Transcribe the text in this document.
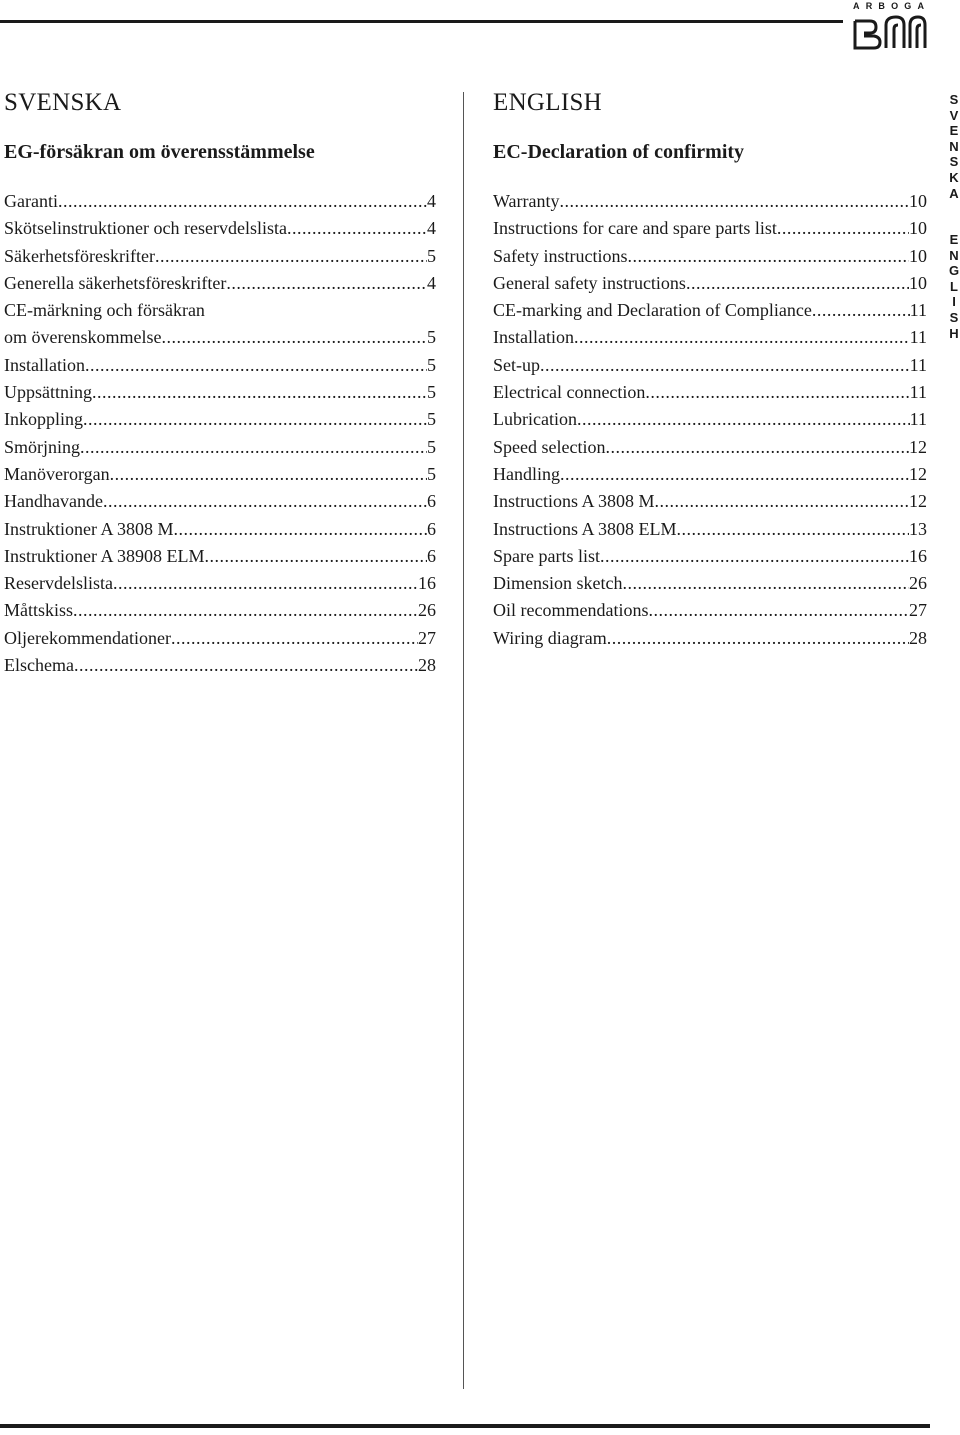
ARBOGA
SVENSKA
EG-försäkran om överensstämmelse
Garanti .....	4
Skötselinstruktioner och reservdelslista .....	4
Säkerhetsföreskrifter .....	5
Generella säkerhetsföreskrifter .....	4
CE-märkning och försäkran
om överenskommelse .....	5
Installation .....	5
Uppsättning .....	5
Inkoppling .....	5
Smörjning .....	5
Manöverorgan .....	5
Handhavande .....	6
Instruktioner A 3808 M .....	6
Instruktioner A 38908 ELM .....	6
Reservdelslista .....	16
Måttskiss .....	26
Oljerekommendationer .....	27
Elschema .....	28
ENGLISH
EC-Declaration of confirmity
Warranty .....	10
Instructions for care and spare parts list .....	10
Safety instructions .....	10
General safety instructions .....	10
CE-marking and Declaration of Compliance .....	11
Installation .....	11
Set-up .....	11
Electrical connection .....	11
Lubrication .....	11
Speed selection .....	12
Handling .....	12
Instructions A 3808 M .....	12
Instructions A 3808 ELM .....	13
Spare parts list .....	16
Dimension sketch .....	26
Oil recommendations .....	27
Wiring diagram .....	28
S
V
E
N
S
K
A
E
N
G
L
I
S
H
